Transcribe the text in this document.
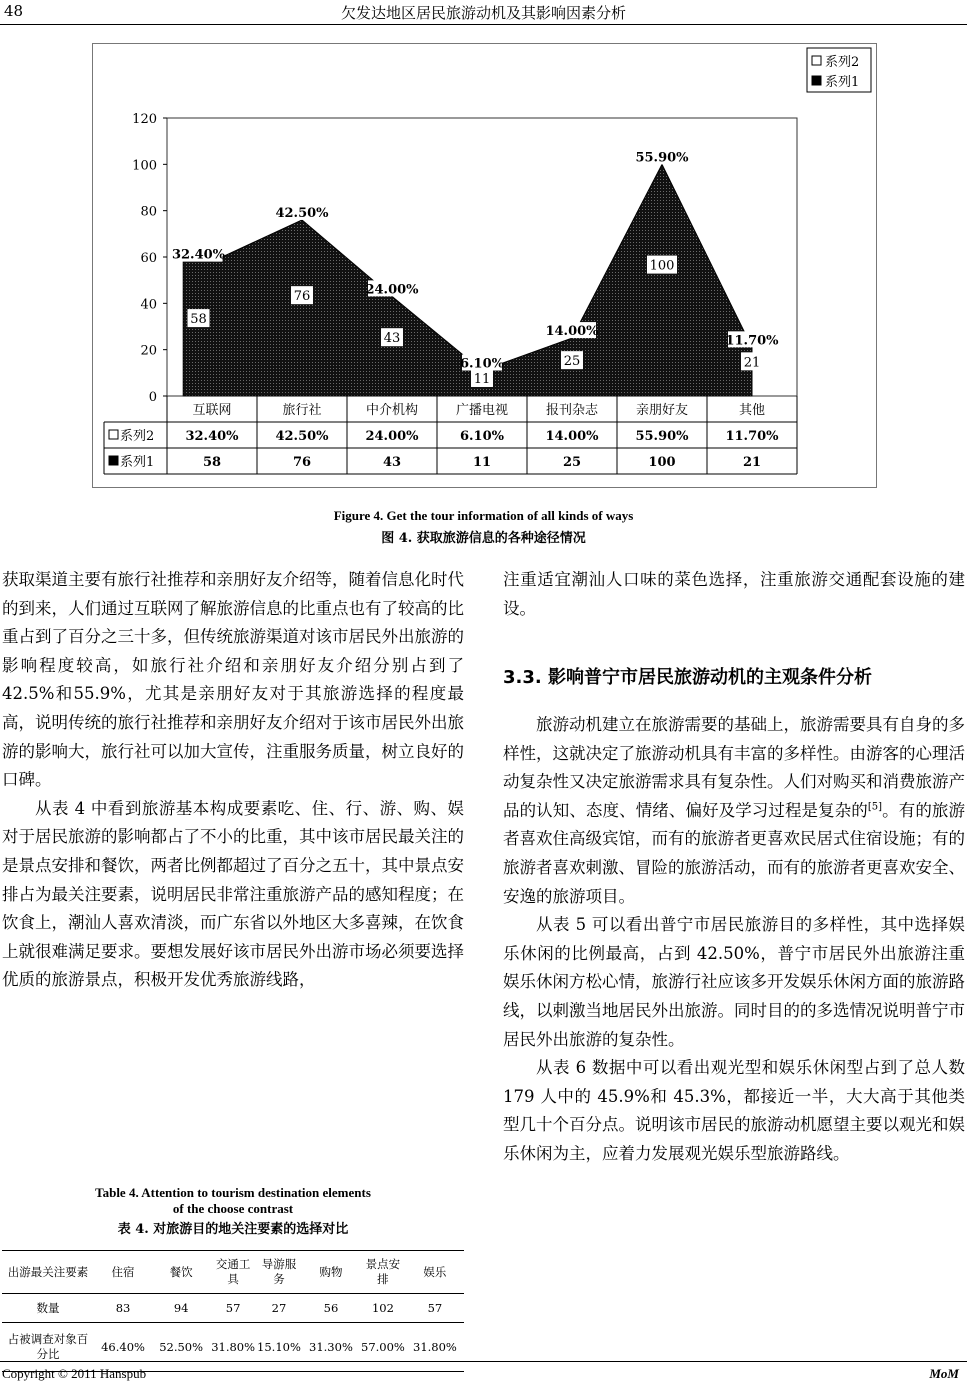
48	欠发达地区居民旅游动机及其影响因素分析
0
20
40
60
80
100
120
58
76
43
11
25
100
21
32.40%
42.50%
24.00%
6.10%
14.00%
55.90%
11.70%
互联网	旅行社	中介机构	广播电视	报刊杂志	亲朋好友	其他
系列2
系列1
32.40%	42.50%	24.00%	6.10%	14.00%	55.90%	11.70%
58	76	43	11	25	100	21
系列2
系列1
Figure 4. Get the tour information of all kinds of ways
图 4. 获取旅游信息的各种途径情况

获取渠道主要有旅行社推荐和亲朋好友介绍等，随着信息化时代的到来，人们通过互联网了解旅游信息的比重点也有了较高的比重占到了百分之三十多，但传统旅游渠道对该市居民外出旅游的影响程度较高，如旅行社介绍和亲朋好友介绍分别占到了 42.5%和55.9%，尤其是亲朋好友对于其旅游选择的程度最高，说明传统的旅行社推荐和亲朋好友介绍对于该市居民外出旅游的影响大，旅行社可以加大宣传，注重服务质量，树立良好的口碑。

从表 4 中看到旅游基本构成要素吃、住、行、游、购、娱对于居民旅游的影响都占了不小的比重，其中该市居民最关注的是景点安排和餐饮，两者比例都超过了百分之五十，其中景点安排占为最关注要素，说明居民非常注重旅游产品的感知程度；在饮食上，潮汕人喜欢清淡，而广东省以外地区大多喜辣，在饮食上就很难满足要求。要想发展好该市居民外出游市场必须要选择优质的旅游景点，积极开发优秀旅游线路，

注重适宜潮汕人口味的菜色选择，注重旅游交通配套设施的建设。

3.3. 影响普宁市居民旅游动机的主观条件分析

旅游动机建立在旅游需要的基础上，旅游需要具有自身的多样性，这就决定了旅游动机具有丰富的多样性。由游客的心理活动复杂性又决定旅游需求具有复杂性。人们对购买和消费旅游产品的认知、态度、情绪、偏好及学习过程是复杂的[5]。有的旅游者喜欢住高级宾馆，而有的旅游者更喜欢民居式住宿设施；有的旅游者喜欢刺激、冒险的旅游活动，而有的旅游者更喜欢安全、安逸的旅游项目。

从表 5 可以看出普宁市居民旅游目的多样性，其中选择娱乐休闲的比例最高，占到 42.50%，普宁市居民外出旅游注重娱乐休闲方松心情，旅游行社应该多开发娱乐休闲方面的旅游路线，以刺激当地居民外出旅游。同时目的的多选情况说明普宁市居民外出旅游的复杂性。

从表 6 数据中可以看出观光型和娱乐休闲型占到了总人数 179 人中的 45.9%和 45.3%，都接近一半，大大高于其他类型几十个百分点。说明该市居民的旅游动机愿望主要以观光和娱乐休闲为主，应着力发展观光娱乐型旅游路线。

Table 4. Attention to tourism destination elements
of the choose contrast
表 4. 对旅游目的地关注要素的选择对比
出游最关注要素	住宿	餐饮	交通工具	导游服务	购物	景点安排	娱乐
数量	83	94	57	27	56	102	57
占被调查对象百分比	46.40%	52.50%	31.80%	15.10%	31.30%	57.00%	31.80%
Copyright © 2011 Hanspub	MoM
